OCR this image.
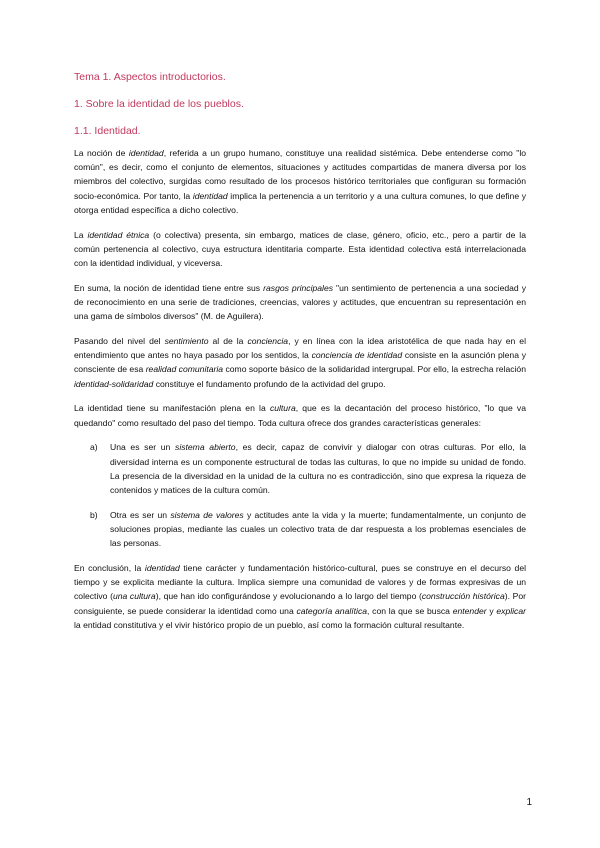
Tema 1. Aspectos introductorios.
1. Sobre la identidad de los pueblos.
1.1. Identidad.

La noción de identidad, referida a un grupo humano, constituye una realidad sistémica. Debe entenderse como "lo común", es decir, como el conjunto de elementos, situaciones y actitudes compartidas de manera diversa por los miembros del colectivo, surgidas como resultado de los procesos histórico territoriales que configuran su formación socio-económica. Por tanto, la identidad implica la pertenencia a un territorio y a una cultura comunes, lo que define y otorga entidad específica a dicho colectivo.

La identidad étnica (o colectiva) presenta, sin embargo, matices de clase, género, oficio, etc., pero a partir de la común pertenencia al colectivo, cuya estructura identitaria comparte. Esta identidad colectiva está interrelacionada con la identidad individual, y viceversa.

En suma, la noción de identidad tiene entre sus rasgos principales "un sentimiento de pertenencia a una sociedad y de reconocimiento en una serie de tradiciones, creencias, valores y actitudes, que encuentran su representación en una gama de símbolos diversos" (M. de Aguilera).

Pasando del nivel del sentimiento al de la conciencia, y en línea con la idea aristotélica de que nada hay en el entendimiento que antes no haya pasado por los sentidos, la conciencia de identidad consiste en la asunción plena y consciente de esa realidad comunitaria como soporte básico de la solidaridad intergrupal. Por ello, la estrecha relación identidad-solidaridad constituye el fundamento profundo de la actividad del grupo.

La identidad tiene su manifestación plena en la cultura, que es la decantación del proceso histórico, "lo que va quedando" como resultado del paso del tiempo. Toda cultura ofrece dos grandes características generales:

a) Una es ser un sistema abierto, es decir, capaz de convivir y dialogar con otras culturas. Por ello, la diversidad interna es un componente estructural de todas las culturas, lo que no impide su unidad de fondo. La presencia de la diversidad en la unidad de la cultura no es contradicción, sino que expresa la riqueza de contenidos y matices de la cultura común.
b) Otra es ser un sistema de valores y actitudes ante la vida y la muerte; fundamentalmente, un conjunto de soluciones propias, mediante las cuales un colectivo trata de dar respuesta a los problemas esenciales de las personas.

En conclusión, la identidad tiene carácter y fundamentación histórico-cultural, pues se construye en el decurso del tiempo y se explicita mediante la cultura. Implica siempre una comunidad de valores y de formas expresivas de un colectivo (una cultura), que han ido configurándose y evolucionando a lo largo del tiempo (construcción histórica). Por consiguiente, se puede considerar la identidad como una categoría analítica, con la que se busca entender y explicar la entidad constitutiva y el vivir histórico propio de un pueblo, así como la formación cultural resultante.

1
